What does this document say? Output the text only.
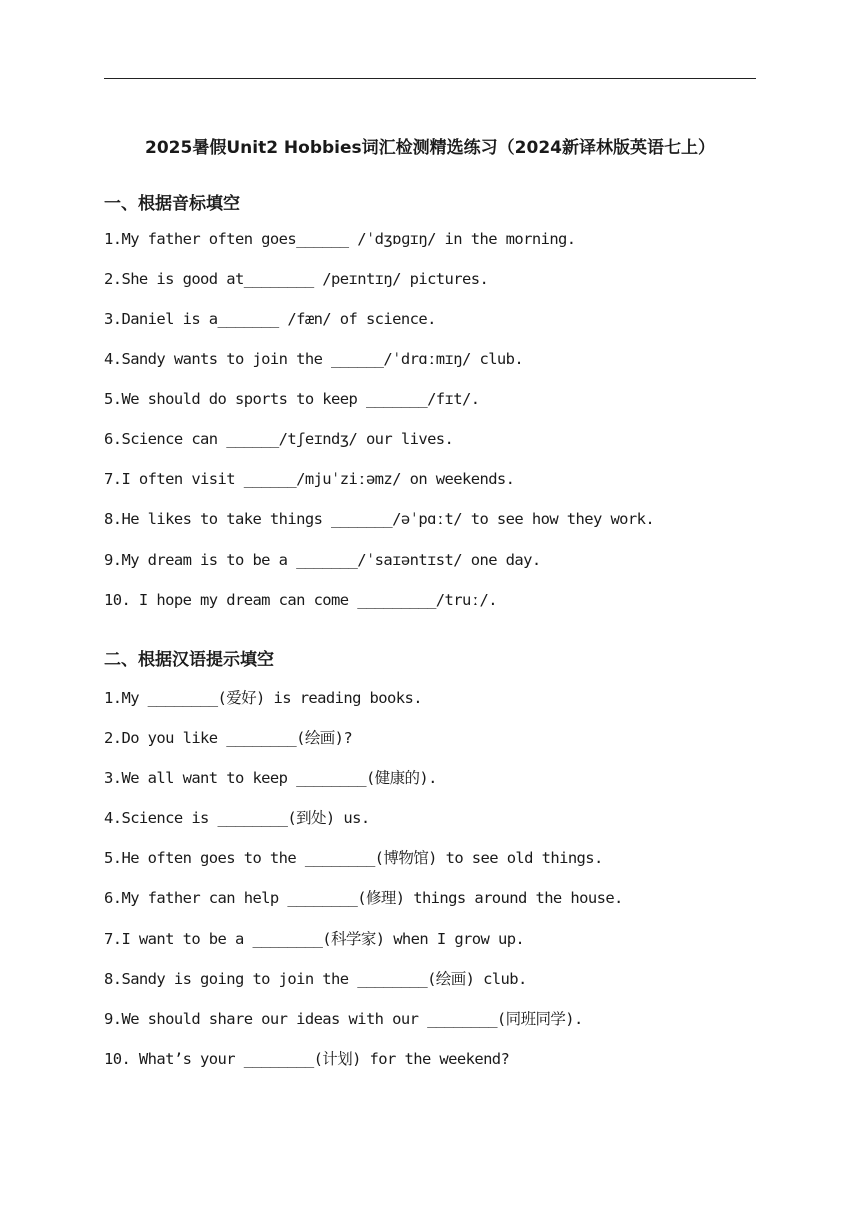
2025暑假Unit2 Hobbies词汇检测精选练习（2024新译林版英语七上）
一、根据音标填空
1.My father often goes______ /ˈdʒɒɡɪŋ/ in the morning.
2.She is good at________ /peɪntɪŋ/ pictures.
3.Daniel is a_______ /fæn/ of science.
4.Sandy wants to join the ______/ˈdrɑːmɪŋ/ club.
5.We should do sports to keep _______/fɪt/.
6.Science can ______/tʃeɪndʒ/ our lives.
7.I often visit ______/mjuˈziːəmz/ on weekends.
8.He likes to take things _______/əˈpɑːt/ to see how they work.
9.My dream is to be a _______/ˈsaɪəntɪst/ one day.
10. I hope my dream can come _________/truː/.
二、根据汉语提示填空
1.My ________(爱好) is reading books.
2.Do you like ________(绘画)?
3.We all want to keep ________(健康的).
4.Science is ________(到处) us.
5.He often goes to the ________(博物馆) to see old things.
6.My father can help ________(修理) things around the house.
7.I want to be a ________(科学家) when I grow up.
8.Sandy is going to join the ________(绘画) club.
9.We should share our ideas with our ________(同班同学).
10. What’s your ________(计划) for the weekend?
